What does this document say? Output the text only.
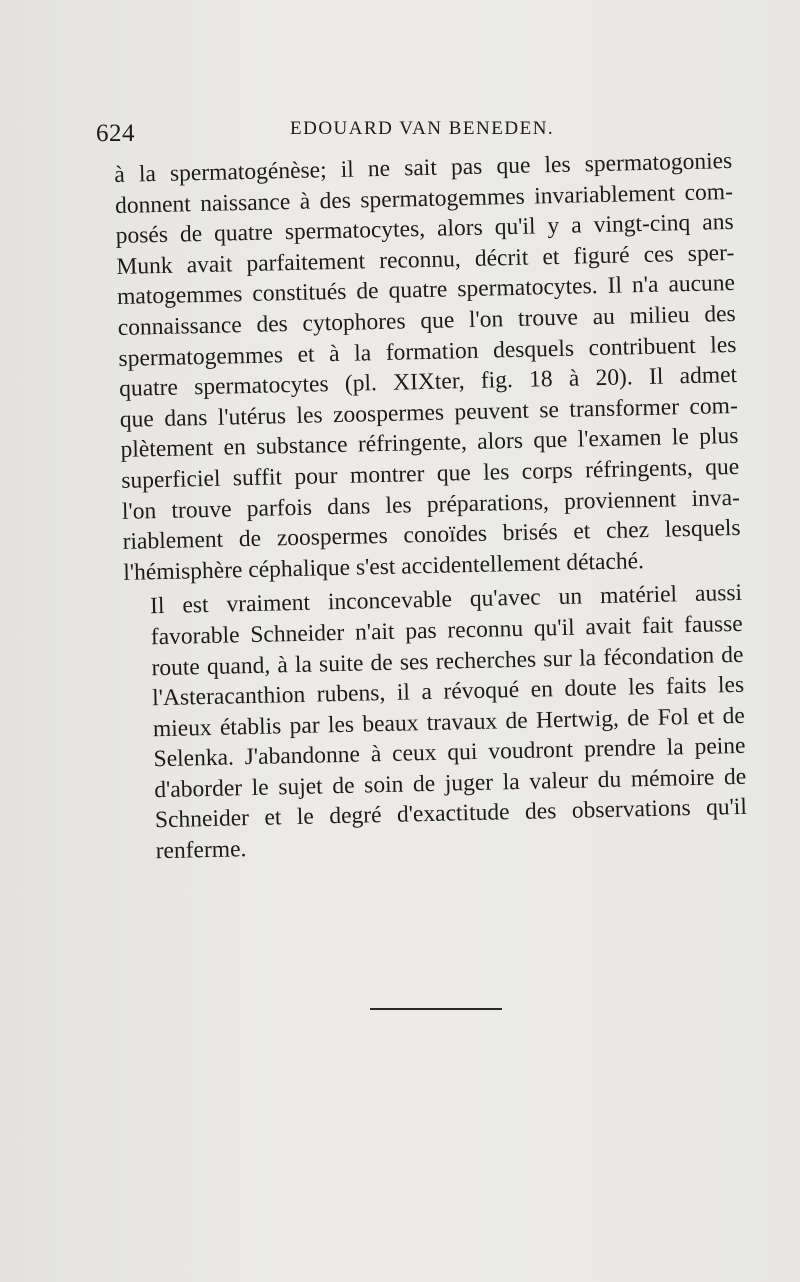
624	EDOUARD VAN BENEDEN.

à la spermatogénèse; il ne sait pas que les spermatogonies
donnent naissance à des spermatogemmes invariablement com-
posés de quatre spermatocytes, alors qu'il y a vingt-cinq ans
Munk avait parfaitement reconnu, décrit et figuré ces sper-
matogemmes constitués de quatre spermatocytes. Il n'a aucune
connaissance des cytophores que l'on trouve au milieu des
spermatogemmes et à la formation desquels contribuent les
quatre spermatocytes (pl. XIXter, fig. 18 à 20). Il admet
que dans l'utérus les zoospermes peuvent se transformer com-
plètement en substance réfringente, alors que l'examen le plus
superficiel suffit pour montrer que les corps réfringents, que
l'on trouve parfois dans les préparations, proviennent inva-
riablement de zoospermes conoïdes brisés et chez lesquels
l'hémisphère céphalique s'est accidentellement détaché.

Il est vraiment inconcevable qu'avec un matériel aussi
favorable Schneider n'ait pas reconnu qu'il avait fait fausse
route quand, à la suite de ses recherches sur la fécondation de
l'Asteracanthion rubens, il a révoqué en doute les faits les
mieux établis par les beaux travaux de Hertwig, de Fol et de
Selenka. J'abandonne à ceux qui voudront prendre la peine
d'aborder le sujet de soin de juger la valeur du mémoire de
Schneider et le degré d'exactitude des observations qu'il
renferme.
